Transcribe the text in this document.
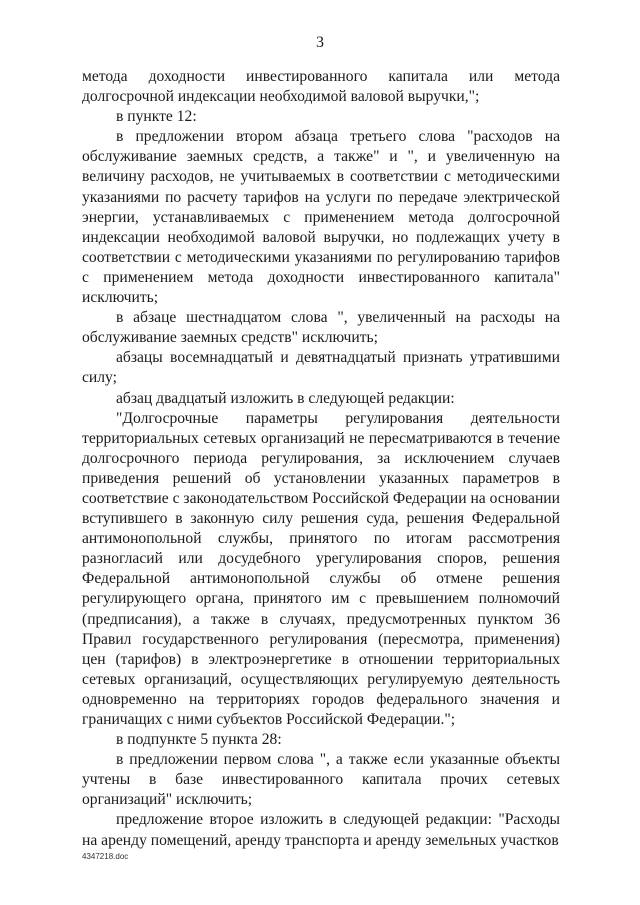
3

метода доходности инвестированного капитала или метода долгосрочной индексации необходимой валовой выручки,";

в пункте 12:

в предложении втором абзаца третьего слова "расходов на обслуживание заемных средств, а также" и ", и увеличенную на величину расходов, не учитываемых в соответствии с методическими указаниями по расчету тарифов на услуги по передаче электрической энергии, устанавливаемых с применением метода долгосрочной индексации необходимой валовой выручки, но подлежащих учету в соответствии с методическими указаниями по регулированию тарифов с применением метода доходности инвестированного капитала" исключить;

в абзаце шестнадцатом слова ", увеличенный на расходы на обслуживание заемных средств" исключить;

абзацы восемнадцатый и девятнадцатый признать утратившими силу;

абзац двадцатый изложить в следующей редакции:

"Долгосрочные параметры регулирования деятельности территориальных сетевых организаций не пересматриваются в течение долгосрочного периода регулирования, за исключением случаев приведения решений об установлении указанных параметров в соответствие с законодательством Российской Федерации на основании вступившего в законную силу решения суда, решения Федеральной антимонопольной службы, принятого по итогам рассмотрения разногласий или досудебного урегулирования споров, решения Федеральной антимонопольной службы об отмене решения регулирующего органа, принятого им с превышением полномочий (предписания), а также в случаях, предусмотренных пунктом 36 Правил государственного регулирования (пересмотра, применения) цен (тарифов) в электроэнергетике в отношении территориальных сетевых организаций, осуществляющих регулируемую деятельность одновременно на территориях городов федерального значения и граничащих с ними субъектов Российской Федерации.";

в подпункте 5 пункта 28:

в предложении первом слова ", а также если указанные объекты учтены в базе инвестированного капитала прочих сетевых организаций" исключить;

предложение второе изложить в следующей редакции: "Расходы на аренду помещений, аренду транспорта и аренду земельных участков

4347218.doc
